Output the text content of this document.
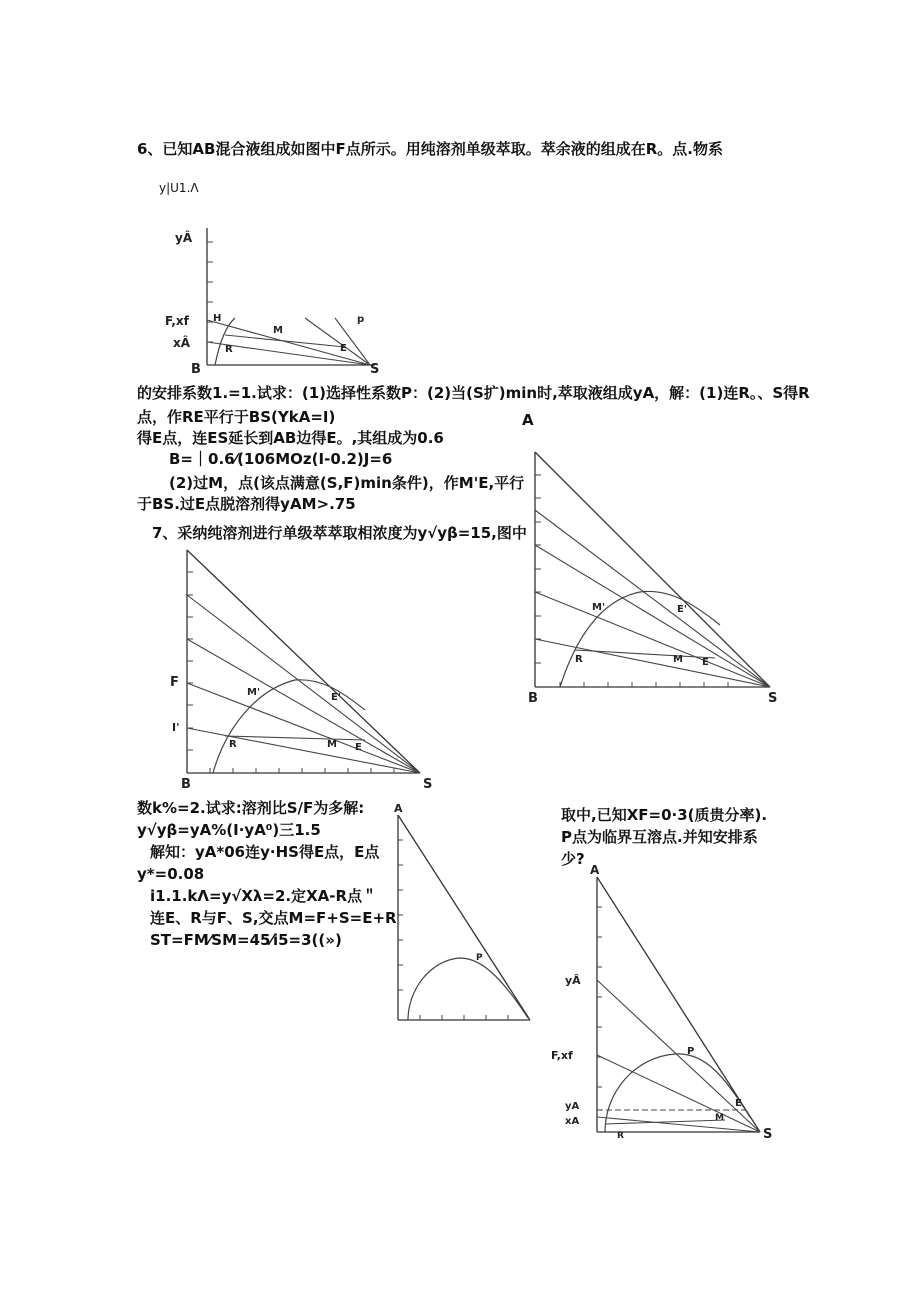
6、已知AB混合液组成如图中F点所示。用纯溶剂单级萃取。萃余液的组成在R。点.物系
y|U1.Λ
yÂ
F,xf
xÂ
H
M
p
R	E
B	S
的安排系数1.=1.试求：(1)选择性系数P：(2)当(S扩)min时,萃取液组成yA，解：(1)连R。、S得R
点，作RE平行于BS(YkA=I)	A
得E点，连ES延长到AB边得E。,其组成为0.6
B=｜0.6⁄(106MOz(I-0.2)J=6
(2)过M，点(该点满意(S,F)min条件)，作M'E,平行
于BS.过E点脱溶剂得yAM>.75
7、采纳纯溶剂进行单级萃萃取相浓度为y√yβ=15,图中
M'	E'
R	M E
B	S
F
I'
M'	E'
R	M E
B	S
数k%=2.试求:溶剂比S/F为多解:
y√yβ=yA%(I·yA⁰)三1.5
解知：yA*06连y·HS得E点，E点
y*=0.08
i1.1.kΛ=y√Xλ=2.定XA-R点＂
连E、R与F、S,交点M=F+S=E+R
ST=FM⁄SM=45⁄i5=3((»)
A
P
取中,已知XF=0·3(质贵分率).
P点为临界互溶点.并知安排系
少?
A
yÂ
F,xf	P
yA
xA
E
M
R	S
